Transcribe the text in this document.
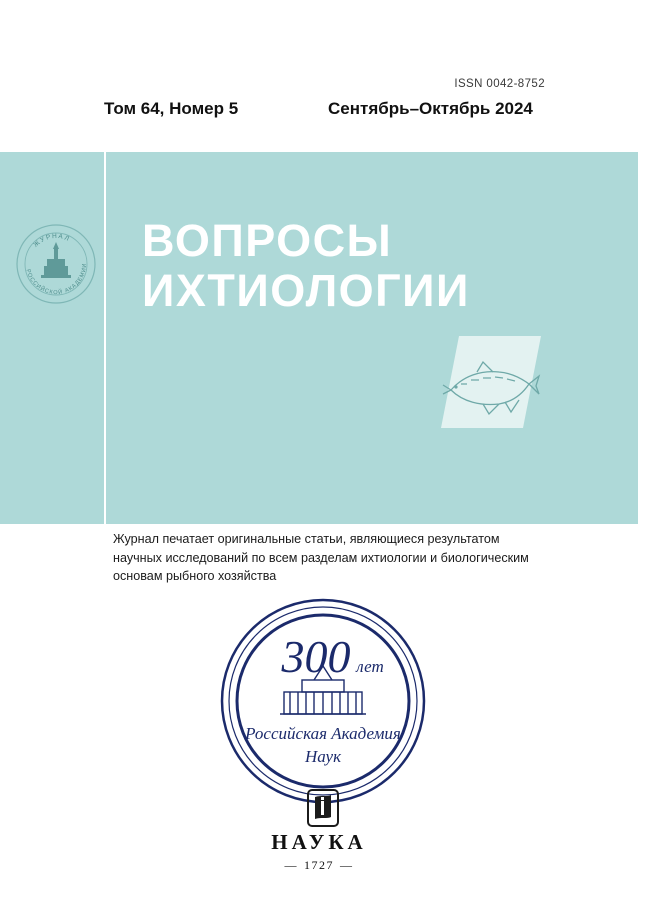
ISSN 0042-8752
Том 64, Номер 5	Сентябрь–Октябрь 2024
ЖУРНАЛ
РОССИЙСКОЙ АКАДЕМИИ ВОПРОСЫ
ИХТИОЛОГИИ
Журнал печатает оригинальные статьи, являющиеся результатом научных исследований по всем разделам ихтиологии и биологическим основам рыбного хозяйства
300 лет
Российская Академия
Наук
НАУКА
— 1727 —
